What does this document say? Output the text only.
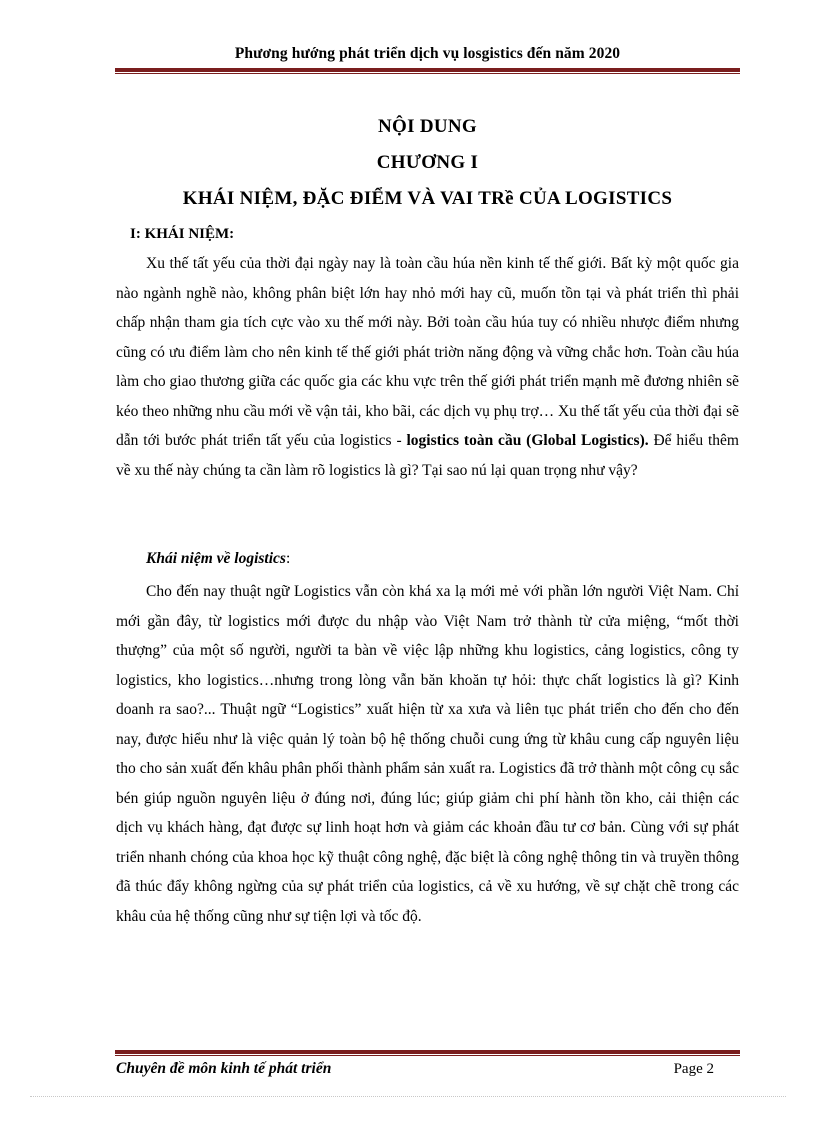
Phương hướng phát triển dịch vụ losgistics đến năm 2020
NỘI DUNG
CHƯƠNG I
KHÁI NIỆM, ĐẶC ĐIỂM VÀ VAI TRề CỦA LOGISTICS
I: KHÁI NIỆM:

Xu thế tất yếu của thời đại ngày nay là toàn cầu húa nền kinh tế thế giới. Bất kỳ một quốc gia nào ngành nghề nào, không phân biệt lớn hay nhỏ mới hay cũ, muốn tồn tại và phát triển thì phải chấp nhận tham gia tích cực vào xu thế mới này. Bởi toàn cầu húa tuy có nhiều nhược điểm nhưng cũng có ưu điểm làm cho nên kinh tế thế giới phát triờn năng động và vững chắc hơn. Toàn cầu húa làm cho giao thương giữa các quốc gia các khu vực trên thế giới phát triển mạnh mẽ đương nhiên sẽ kéo theo những nhu cầu mới về vận tải, kho bãi, các dịch vụ phụ trợ… Xu thế tất yếu của thời đại sẽ dẫn tới bước phát triển tất yếu của logistics - logistics toàn cầu (Global Logistics). Để hiểu thêm về xu thế này chúng ta cần làm rõ logistics là gì? Tại sao nú lại quan trọng như vậy?

Khái niệm về logistics:

Cho đến nay thuật ngữ Logistics vẫn còn khá xa lạ mới mẻ với phần lớn người Việt Nam. Chỉ mới gần đây, từ logistics mới được du nhập vào Việt Nam trở thành từ cửa miệng, “mốt thời thượng” của một số người, người ta bàn về việc lập những khu logistics, cảng logistics, công ty logistics, kho logistics…nhưng trong lòng vẫn băn khoăn tự hỏi: thực chất logistics là gì? Kinh doanh ra sao?... Thuật ngữ “Logistics” xuất hiện từ xa xưa và liên tục phát triển cho đến cho đến nay, được hiểu như là việc quản lý toàn bộ hệ thống chuỗi cung ứng từ khâu cung cấp nguyên liệu tho cho sản xuất đến khâu phân phối thành phẩm sản xuất ra. Logistics đã trở thành một công cụ sắc bén giúp nguồn nguyên liệu ở đúng nơi, đúng lúc; giúp giảm chi phí hành tồn kho, cải thiện các dịch vụ khách hàng, đạt được sự linh hoạt hơn và giảm các khoản đầu tư cơ bản. Cùng với sự phát triển nhanh chóng của khoa học kỹ thuật công nghệ, đặc biệt là công nghệ thông tin và truyền thông đã thúc đẩy không ngừng của sự phát triển của logistics, cả về xu hướng, về sự chặt chẽ trong các khâu của hệ thống cũng như sự tiện lợi và tốc độ.

Chuyên đề môn kinh tế phát triển	Page 2
